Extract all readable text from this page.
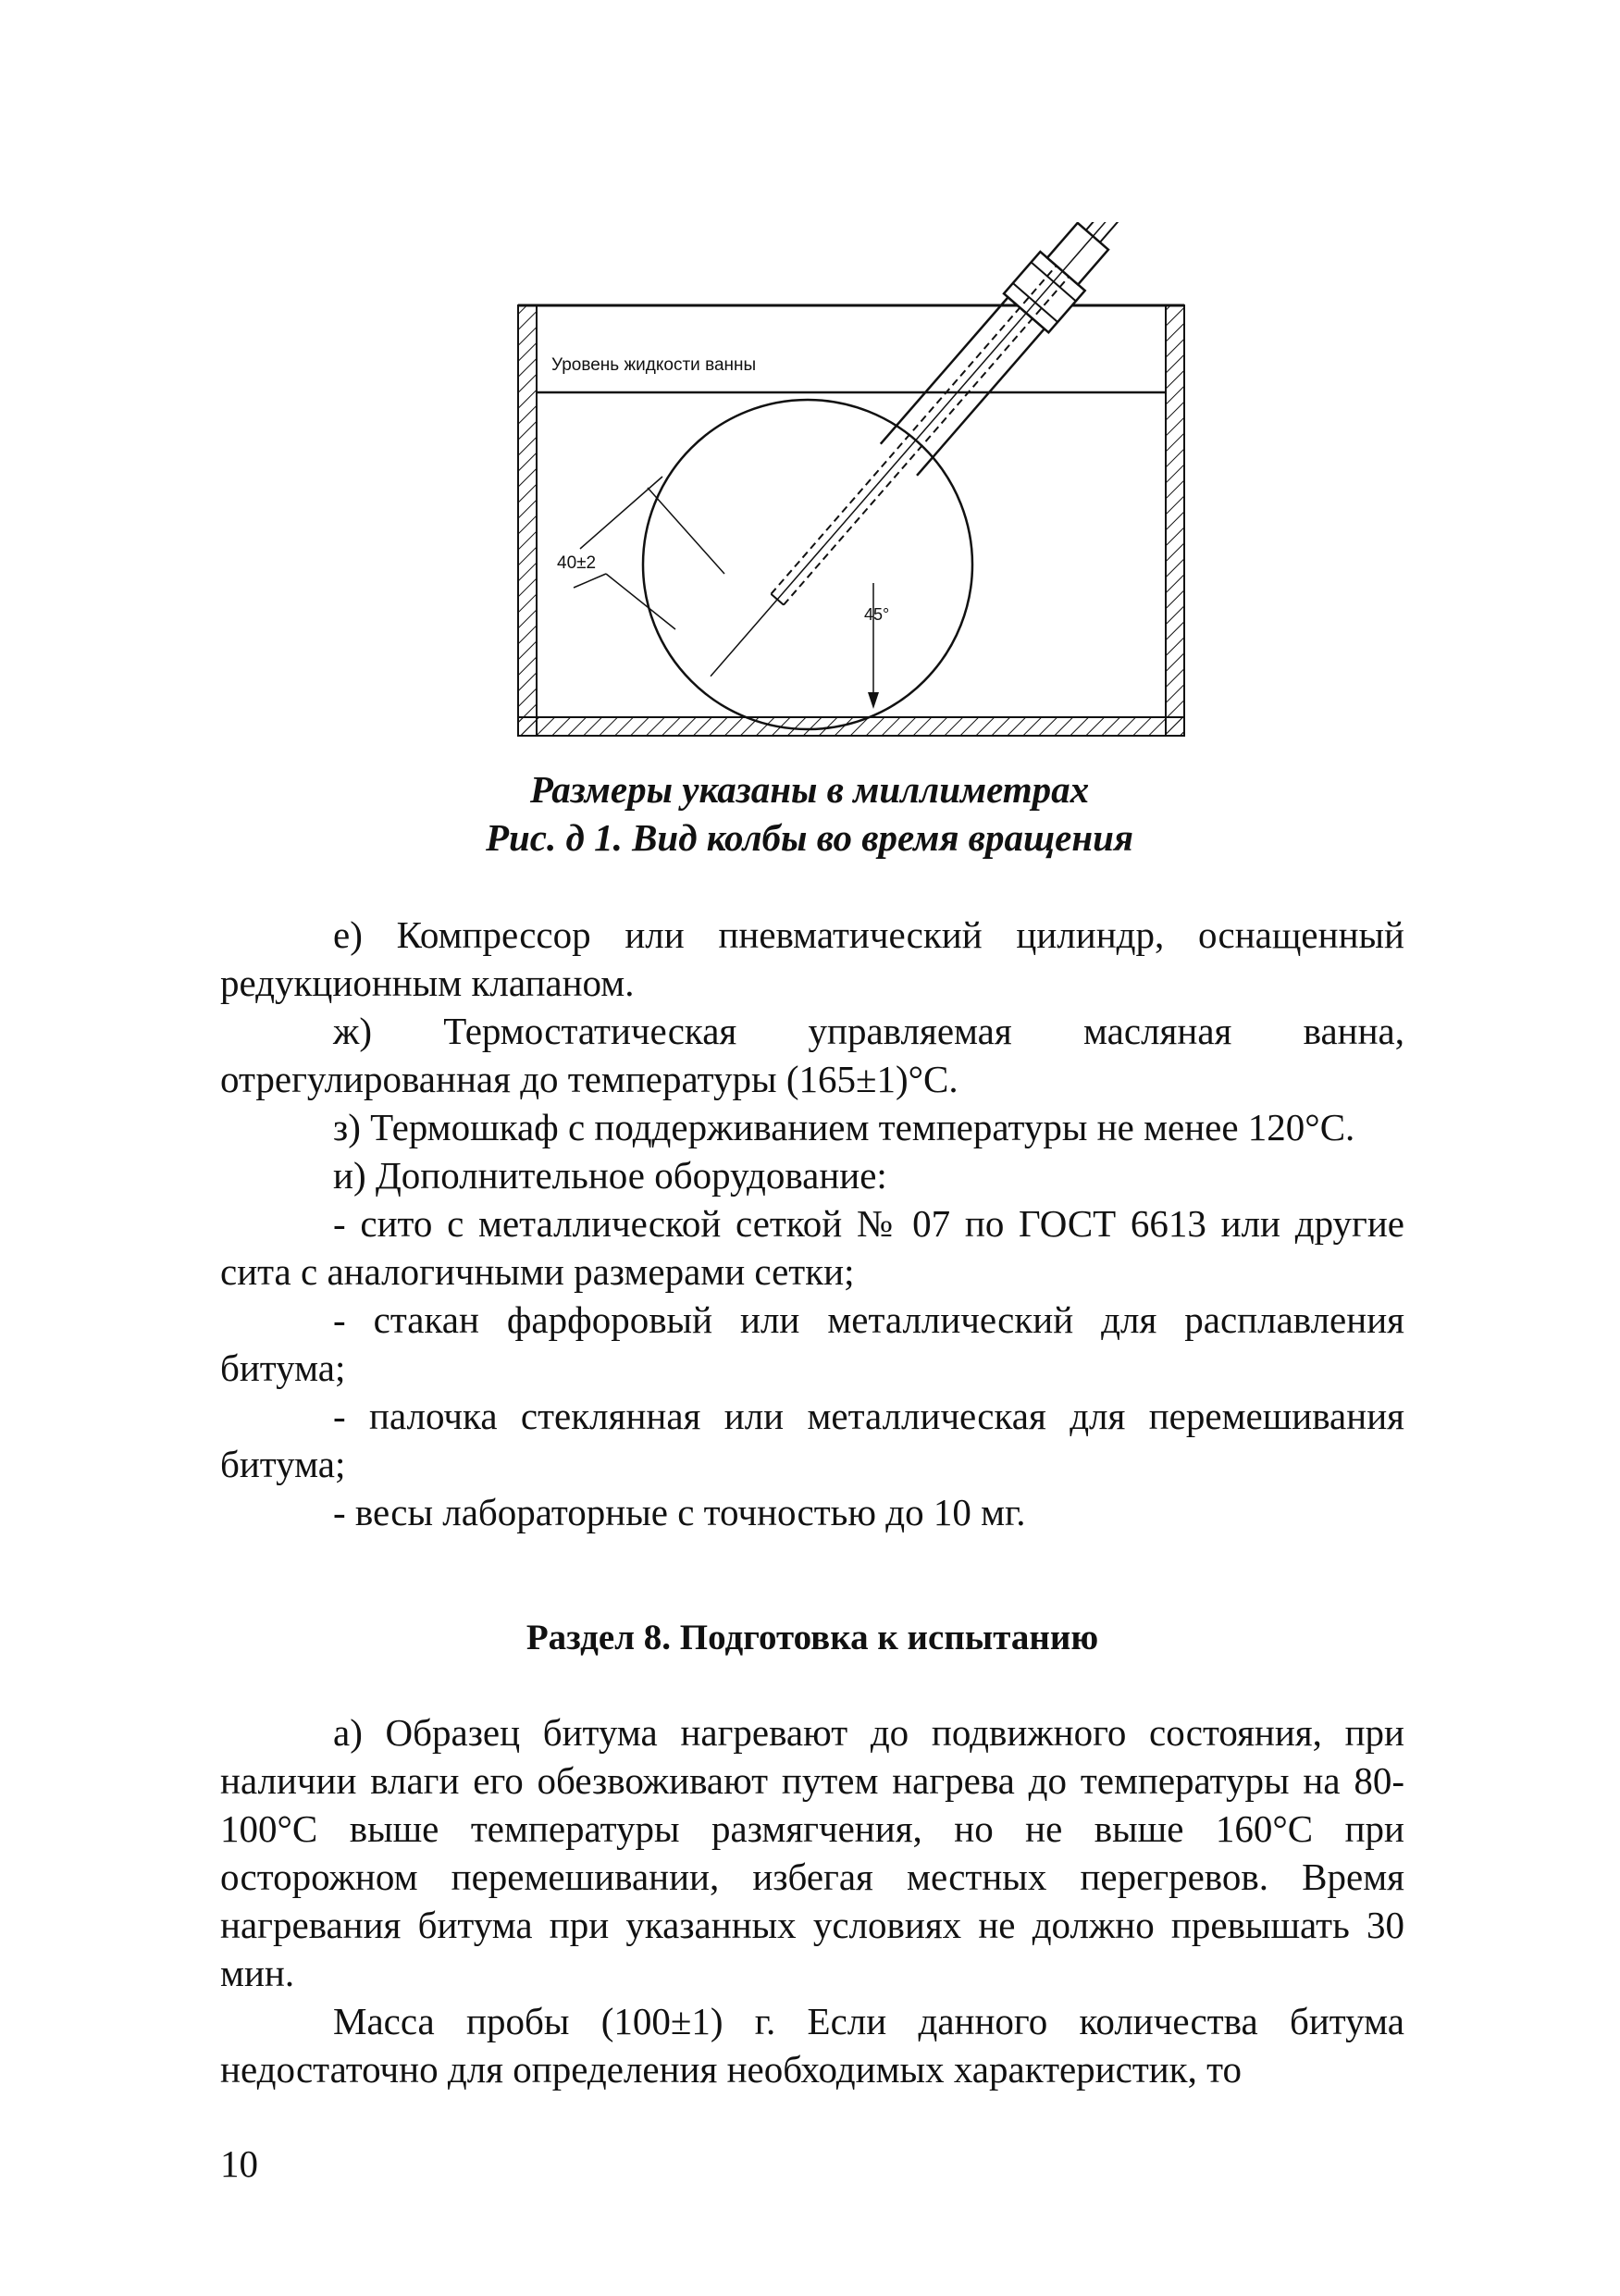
Уровень жидкости ванны
40±2
45°
Размеры указаны в миллиметрах
Рис. д 1. Вид колбы во время вращения

е) Компрессор или пневматический цилиндр, оснащенный редукционным клапаном.

ж) Термостатическая управляемая масляная ванна, отрегулированная до температуры (165±1)°С.

з) Термошкаф с поддерживанием температуры не менее 120°С.

и) Дополнительное оборудование:

- сито с металлической сеткой № 07 по ГОСТ 6613 или другие сита с аналогичными размерами сетки;

- стакан фарфоровый или металлический для расплавления битума;

- палочка стеклянная или металлическая для перемешивания битума;

- весы лабораторные с точностью до 10 мг.

Раздел 8. Подготовка к испытанию

а) Образец битума нагревают до подвижного состояния, при наличии влаги его обезвоживают путем нагрева до температуры на 80-100°С выше температуры размягчения, но не выше 160°С при осторожном перемешивании, избегая местных перегревов. Время нагревания битума при указанных условиях не должно превышать 30 мин.

Масса пробы (100±1) г. Если данного количества битума недостаточно для определения необходимых характеристик, то

10
